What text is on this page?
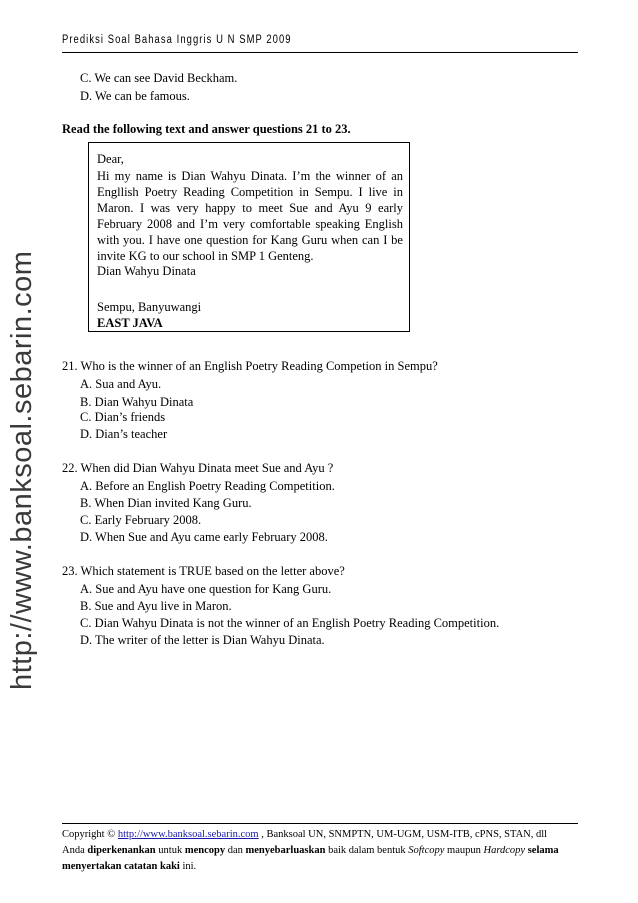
Prediksi Soal Bahasa Inggris U N SMP 2009
http://www.banksoal.sebarin.com
C. We can see David Beckham.
D. We can be famous.
Read the following text and answer questions 21 to 23.
Dear,
Hi my name is Dian Wahyu Dinata. I’m the winner of an Engllish Poetry Reading Competition in Sempu. I live in Maron. I was very happy to meet Sue and Ayu 9 early February 2008 and I’m very comfortable speaking English with you. I have one question for Kang Guru when can I be invite KG to our school in SMP 1 Genteng.
Dian Wahyu Dinata
Sempu, Banyuwangi
EAST JAVA
21. Who is the winner of an English Poetry Reading Competion in Sempu?
A. Sua and Ayu.
B. Dian Wahyu Dinata
C. Dian’s friends
D. Dian’s teacher
22. When did Dian Wahyu Dinata meet Sue and Ayu ?
A. Before an English Poetry Reading Competition.
B. When Dian invited Kang Guru.
C. Early February 2008.
D. When Sue and Ayu came early February 2008.
23. Which statement is TRUE based on the letter above?
A. Sue and Ayu have one question for Kang Guru.
B. Sue and Ayu live in Maron.
C. Dian Wahyu Dinata is not the winner of an English Poetry Reading Competition.
D. The writer of the letter is Dian Wahyu Dinata.
Copyright © http://www.banksoal.sebarin.com , Banksoal UN, SNMPTN, UM-UGM, USM-ITB, cPNS, STAN, dll
Anda diperkenankan untuk mencopy dan menyebarluaskan baik dalam bentuk Softcopy maupun Hardcopy selama
menyertakan catatan kaki ini.
